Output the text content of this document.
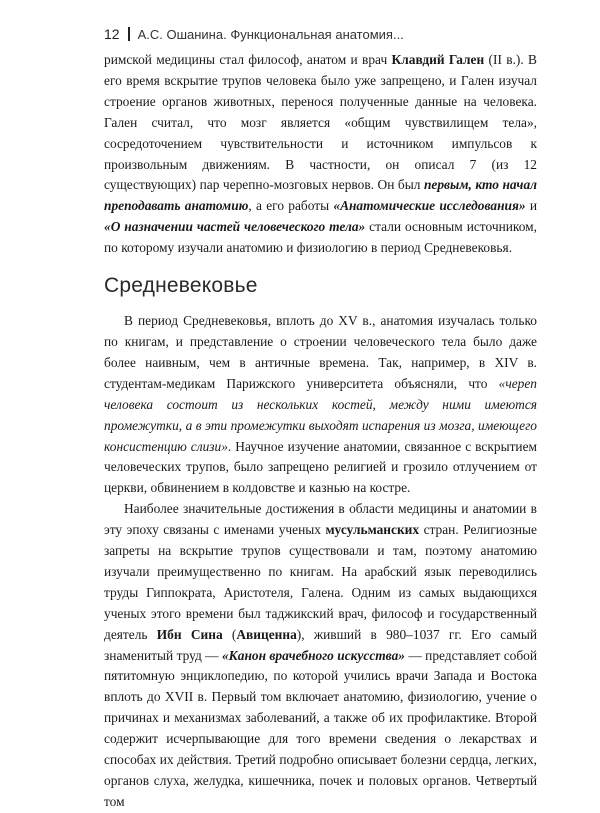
12 А.С. Ошанина. Функциональная анатомия...

римской медицины стал философ, анатом и врач Клавдий Гален (II в.). В его время вскрытие трупов человека было уже запрещено, и Гален изучал строение органов животных, перенося полученные данные на человека. Гален считал, что мозг является «общим чувствилищем тела», сосредоточением чувствительности и источником импульсов к произвольным движениям. В частности, он описал 7 (из 12 существующих) пар черепно-мозговых нервов. Он был первым, кто начал преподавать анатомию, а его работы «Анатомические исследования» и «О назначении частей человеческого тела» стали основным источником, по которому изучали анатомию и физиологию в период Средневековья.

Средневековье

В период Средневековья, вплоть до XV в., анатомия изучалась только по книгам, и представление о строении человеческого тела было даже более наивным, чем в античные времена. Так, например, в XIV в. студентам-медикам Парижского университета объясняли, что «череп человека состоит из нескольких костей, между ними имеются промежутки, а в эти промежутки выходят испарения из мозга, имеющего консистенцию слизи». Научное изучение анатомии, связанное с вскрытием человеческих трупов, было запрещено религией и грозило отлучением от церкви, обвинением в колдовстве и казнью на костре.

Наиболее значительные достижения в области медицины и анатомии в эту эпоху связаны с именами ученых мусульманских стран. Религиозные запреты на вскрытие трупов существовали и там, поэтому анатомию изучали преимущественно по книгам. На арабский язык переводились труды Гиппократа, Аристотеля, Галена. Одним из самых выдающихся ученых этого времени был таджикский врач, философ и государственный деятель Ибн Сина (Авиценна), живший в 980–1037 гг. Его самый знаменитый труд — «Канон врачебного искусства» — представляет собой пятитомную энциклопедию, по которой учились врачи Запада и Востока вплоть до XVII в. Первый том включает анатомию, физиологию, учение о причинах и механизмах заболеваний, а также об их профилактике. Второй содержит исчерпывающие для того времени сведения о лекарствах и способах их действия. Третий подробно описывает болезни сердца, легких, органов слуха, желудка, кишечника, почек и половых органов. Четвертый том
